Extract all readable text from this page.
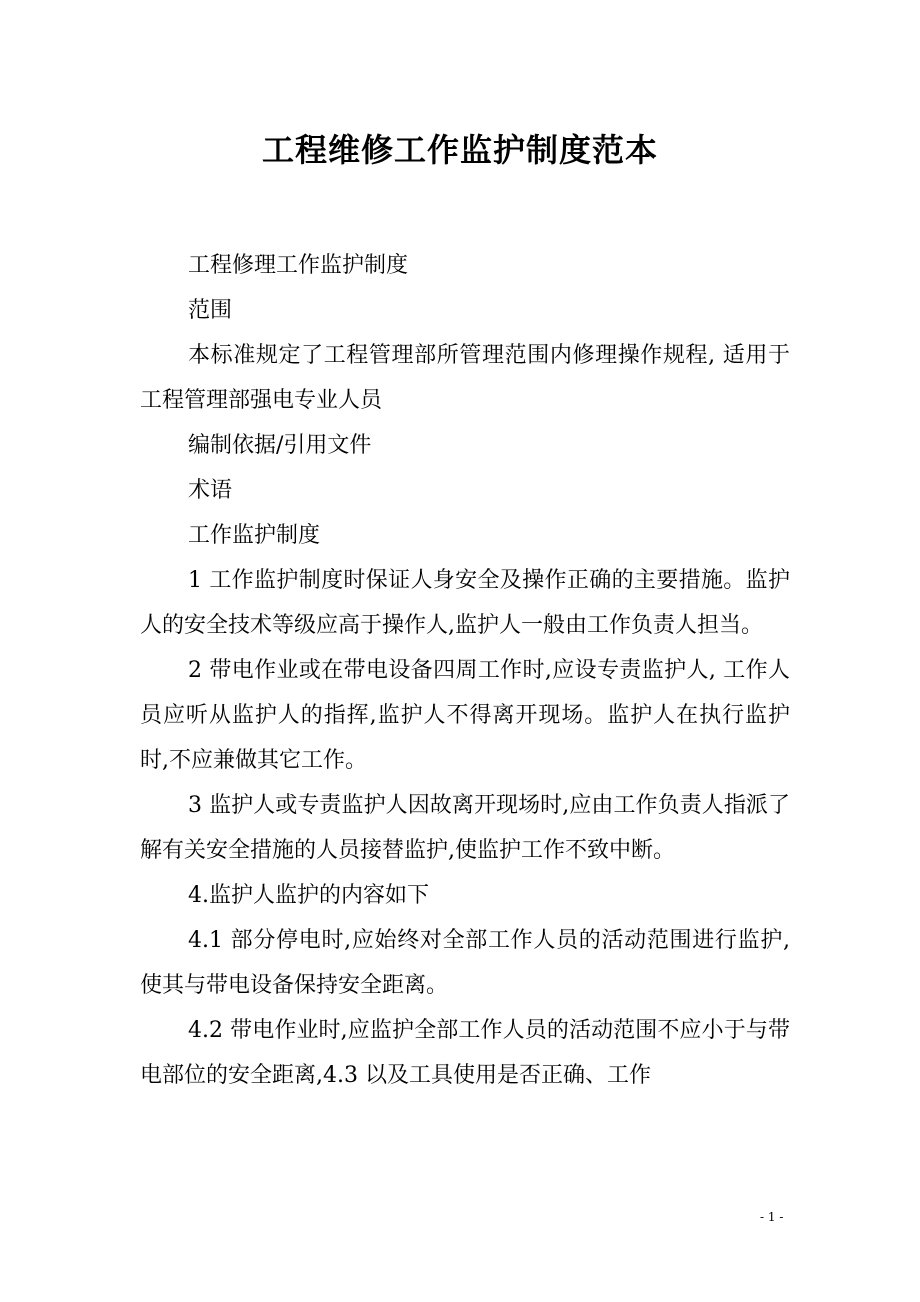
工程维修工作监护制度范本

工程修理工作监护制度

范围

本标准规定了工程管理部所管理范围内修理操作规程, 适用于工程管理部强电专业人员

编制依据/引用文件

术语

工作监护制度

1 工作监护制度时保证人身安全及操作正确的主要措施。监护人的安全技术等级应高于操作人,监护人一般由工作负责人担当。

2 带电作业或在带电设备四周工作时,应设专责监护人, 工作人员应听从监护人的指挥,监护人不得离开现场。监护人在执行监护时,不应兼做其它工作。

3 监护人或专责监护人因故离开现场时,应由工作负责人指派了解有关安全措施的人员接替监护,使监护工作不致中断。

4.监护人监护的内容如下

4.1 部分停电时,应始终对全部工作人员的活动范围进行监护,使其与带电设备保持安全距离。

4.2 带电作业时,应监护全部工作人员的活动范围不应小于与带电部位的安全距离,4.3 以及工具使用是否正确、工作

- 1 -
